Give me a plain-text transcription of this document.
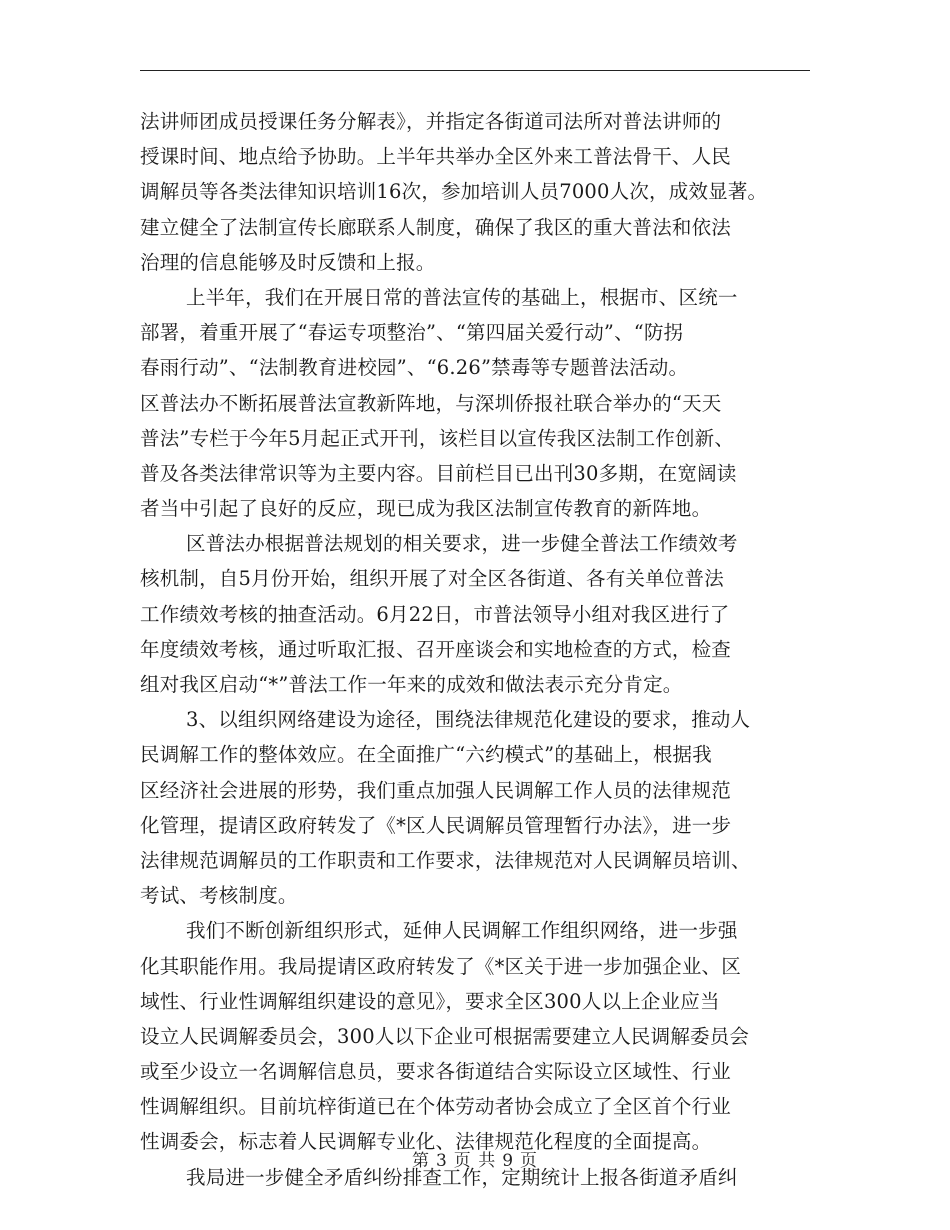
法讲师团成员授课任务分解表》，并指定各街道司法所对普法讲师的
授课时间、地点给予协助。上半年共举办全区外来工普法骨干、人民
调解员等各类法律知识培训16次，参加培训人员7000人次，成效显著。
建立健全了法制宣传长廊联系人制度，确保了我区的重大普法和依法
治理的信息能够及时反馈和上报。
上半年，我们在开展日常的普法宣传的基础上，根据市、区统一
部署，着重开展了“春运专项整治”、“第四届关爱行动”、“防拐
春雨行动”、“法制教育进校园”、“6.26”禁毒等专题普法活动。
区普法办不断拓展普法宣教新阵地，与深圳侨报社联合举办的“天天
普法”专栏于今年5月起正式开刊，该栏目以宣传我区法制工作创新、
普及各类法律常识等为主要内容。目前栏目已出刊30多期，在宽阔读
者当中引起了良好的反应，现已成为我区法制宣传教育的新阵地。
区普法办根据普法规划的相关要求，进一步健全普法工作绩效考
核机制，自5月份开始，组织开展了对全区各街道、各有关单位普法
工作绩效考核的抽查活动。6月22日，市普法领导小组对我区进行了
年度绩效考核，通过听取汇报、召开座谈会和实地检查的方式，检查
组对我区启动“*”普法工作一年来的成效和做法表示充分肯定。
3、以组织网络建设为途径，围绕法律规范化建设的要求，推动人
民调解工作的整体效应。在全面推广“六约模式”的基础上，根据我
区经济社会进展的形势，我们重点加强人民调解工作人员的法律规范
化管理，提请区政府转发了《*区人民调解员管理暂行办法》，进一步
法律规范调解员的工作职责和工作要求，法律规范对人民调解员培训、
考试、考核制度。
我们不断创新组织形式，延伸人民调解工作组织网络，进一步强
化其职能作用。我局提请区政府转发了《*区关于进一步加强企业、区
域性、行业性调解组织建设的意见》，要求全区300人以上企业应当
设立人民调解委员会，300人以下企业可根据需要建立人民调解委员会
或至少设立一名调解信息员，要求各街道结合实际设立区域性、行业
性调解组织。目前坑梓街道已在个体劳动者协会成立了全区首个行业
性调委会，标志着人民调解专业化、法律规范化程度的全面提高。
我局进一步健全矛盾纠纷排查工作，定期统计上报各街道矛盾纠
第 3 页 共 9 页
